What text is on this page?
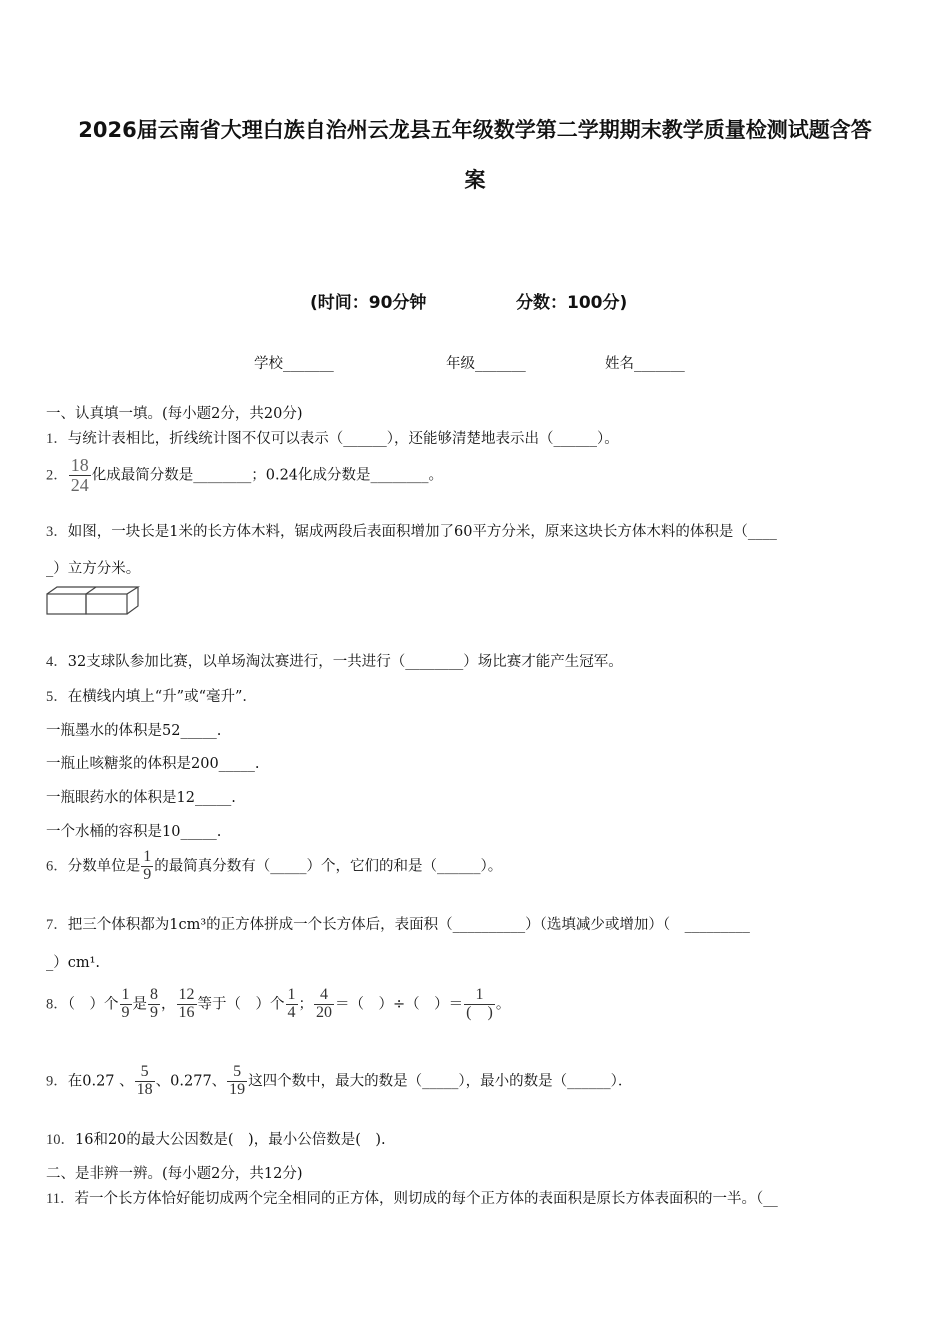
2026届云南省大理白族自治州云龙县五年级数学第二学期期末教学质量检测试题含答
案
(时间：90分钟	分数：100分)
学校_______	年级_______	姓名_______
一、认真填一填。(每小题2分，共20分)
1．与统计表相比，折线统计图不仅可以表示（______），还能够清楚地表示出（______）。
2． $\frac{18}{24}$ 化成最简分数是________；0.24化成分数是________。
3．如图，一块长是1米的长方体木料，锯成两段后表面积增加了60平方分米，原来这块长方体木料的体积是（____
_）立方分米。
4．32支球队参加比赛，以单场淘汰赛进行，一共进行（________）场比赛才能产生冠军。
5．在横线内填上“升”或“毫升”．
一瓶墨水的体积是52_____.
一瓶止咳糖浆的体积是200_____.
一瓶眼药水的体积是12_____.
一个水桶的容积是10_____.
6．分数单位是 $\frac{1}{9}$ 的最简真分数有（_____）个，它们的和是（______）。
7．把三个体积都为1cm³的正方体拼成一个长方体后，表面积（__________）（选填减少或增加）（　_________
_）cm¹.
8．（　）个 $\frac{1}{9}$ 是 $\frac{8}{9}$ ， $\frac{12}{16}$ 等于（　）个 $\frac{1}{4}$ ； $\frac{4}{20}$ ＝（　）÷（　）＝ $\frac{1}{( )}$ 。
9．在0.27 、 $\frac{5}{18}$ 、0.277、 $\frac{5}{19}$ 这四个数中，最大的数是（_____），最小的数是（______）．
10．16和20的最大公因数是(　)，最小公倍数是(　).
二、是非辨一辨。(每小题2分，共12分)
11．若一个长方体恰好能切成两个完全相同的正方体，则切成的每个正方体的表面积是原长方体表面积的一半。（__
